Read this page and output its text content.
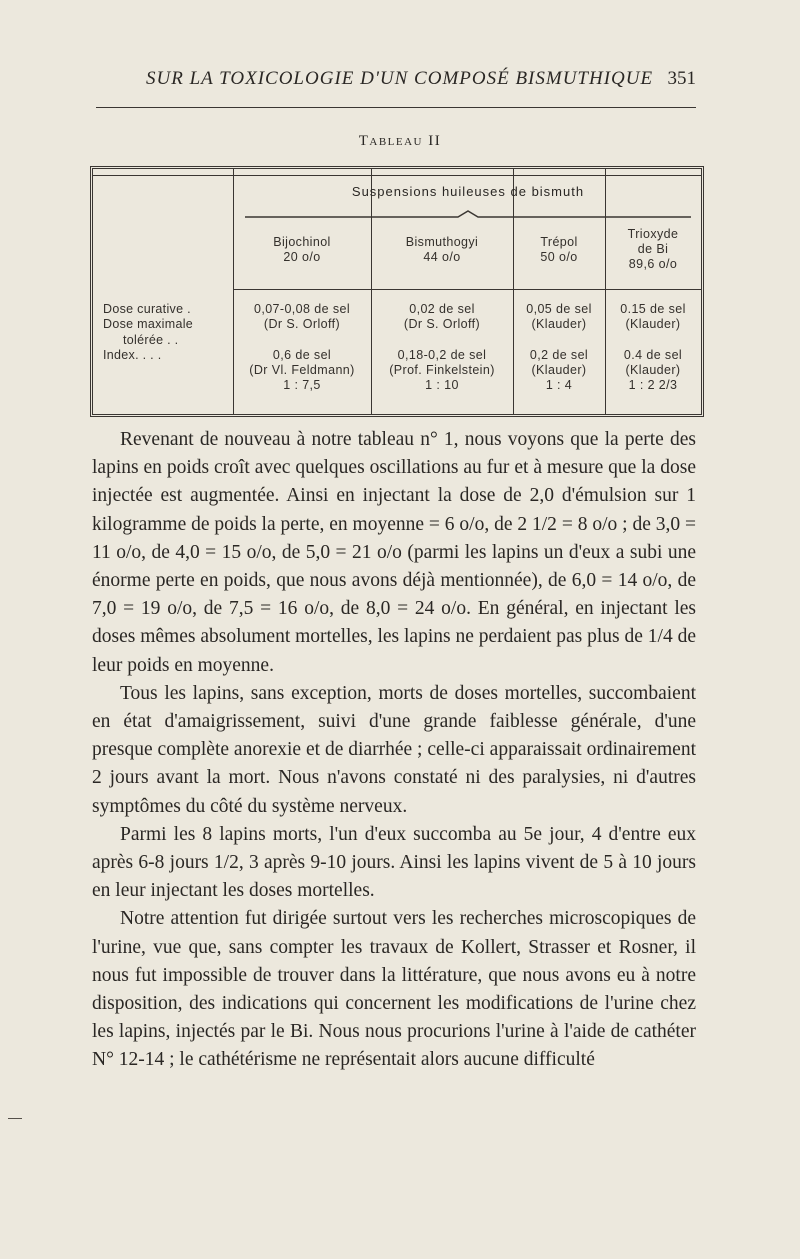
SUR LA TOXICOLOGIE D'UN COMPOSÉ BISMUTHIQUE 351
Tableau II
Suspensions huileuses de bismuth
Dose curative .
Dose maximale
tolérée . .
Index. . . .
Bijochinol
20 o/o
0,07-0,08 de sel
(Dr S. Orloff)
0,6 de sel
(Dr Vl. Feldmann)
1 : 7,5
Bismuthogyi
44 o/o
0,02 de sel
(Dr S. Orloff)
0,18-0,2 de sel
(Prof. Finkelstein)
1 : 10
Trépol
50 o/o
0,05 de sel
(Klauder)
0,2 de sel
(Klauder)
1 : 4
Trioxyde
de Bi
89,6 o/o
0.15 de sel
(Klauder)
0.4 de sel
(Klauder)
1 : 2 2/3

Revenant de nouveau à notre tableau n° 1, nous voyons que la perte des lapins en poids croît avec quelques oscillations au fur et à mesure que la dose injectée est augmentée. Ainsi en injectant la dose de 2,0 d'émulsion sur 1 kilogramme de poids la perte, en moyenne = 6 o/o, de 2 1/2 = 8 o/o ; de 3,0 = 11 o/o, de 4,0 = 15 o/o, de 5,0 = 21 o/o (parmi les lapins un d'eux a subi une énorme perte en poids, que nous avons déjà mentionnée), de 6,0 = 14 o/o, de 7,0 = 19 o/o, de 7,5 = 16 o/o, de 8,0 = 24 o/o. En général, en injectant les doses mêmes absolument mortelles, les lapins ne perdaient pas plus de 1/4 de leur poids en moyenne.

Tous les lapins, sans exception, morts de doses mortelles, succombaient en état d'amaigrissement, suivi d'une grande faiblesse générale, d'une presque complète anorexie et de diarrhée ; celle-ci apparaissait ordinairement 2 jours avant la mort. Nous n'avons constaté ni des paralysies, ni d'autres symptômes du côté du système nerveux.

Parmi les 8 lapins morts, l'un d'eux succomba au 5e jour, 4 d'entre eux après 6-8 jours 1/2, 3 après 9-10 jours. Ainsi les lapins vivent de 5 à 10 jours en leur injectant les doses mortelles.

Notre attention fut dirigée surtout vers les recherches microscopiques de l'urine, vue que, sans compter les travaux de Kollert, Strasser et Rosner, il nous fut impossible de trouver dans la littérature, que nous avons eu à notre disposition, des indications qui concernent les modifications de l'urine chez les lapins, injectés par le Bi. Nous nous procurions l'urine à l'aide de cathéter N° 12-14 ; le cathétérisme ne représentait alors aucune difficulté
